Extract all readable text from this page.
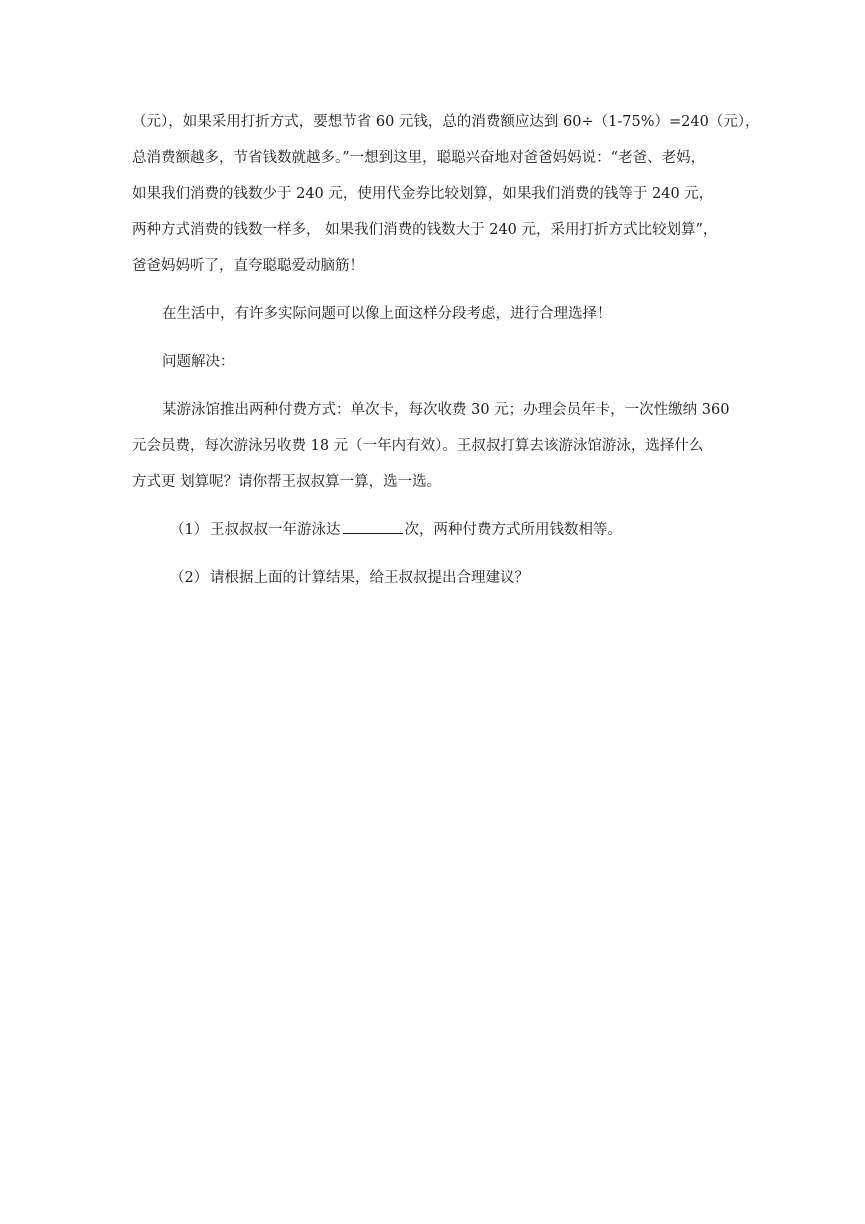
（元），如果采用打折方式，要想节省 60 元钱，总的消费额应达到 60÷（1-75%）=240（元），
总消费额越多，节省钱数就越多。”一想到这里，聪聪兴奋地对爸爸妈妈说：“老爸、老妈，
如果我们消费的钱数少于 240 元，使用代金券比较划算，如果我们消费的钱等于 240 元，
两种方式消费的钱数一样多， 如果我们消费的钱数大于 240 元，采用打折方式比较划算”，
爸爸妈妈听了，直夸聪聪爱动脑筋！
在生活中，有许多实际问题可以像上面这样分段考虑，进行合理选择！
问题解决：
某游泳馆推出两种付费方式：单次卡，每次收费 30 元；办理会员年卡，一次性缴纳 360
元会员费，每次游泳另收费 18 元（一年内有效）。王叔叔打算去该游泳馆游泳，选择什么
方式更 划算呢？请你帮王叔叔算一算，选一选。
（1） 王叔叔叔一年游泳达	次，两种付费方式所用钱数相等。
（2） 请根据上面的计算结果，给王叔叔提出合理建议？
